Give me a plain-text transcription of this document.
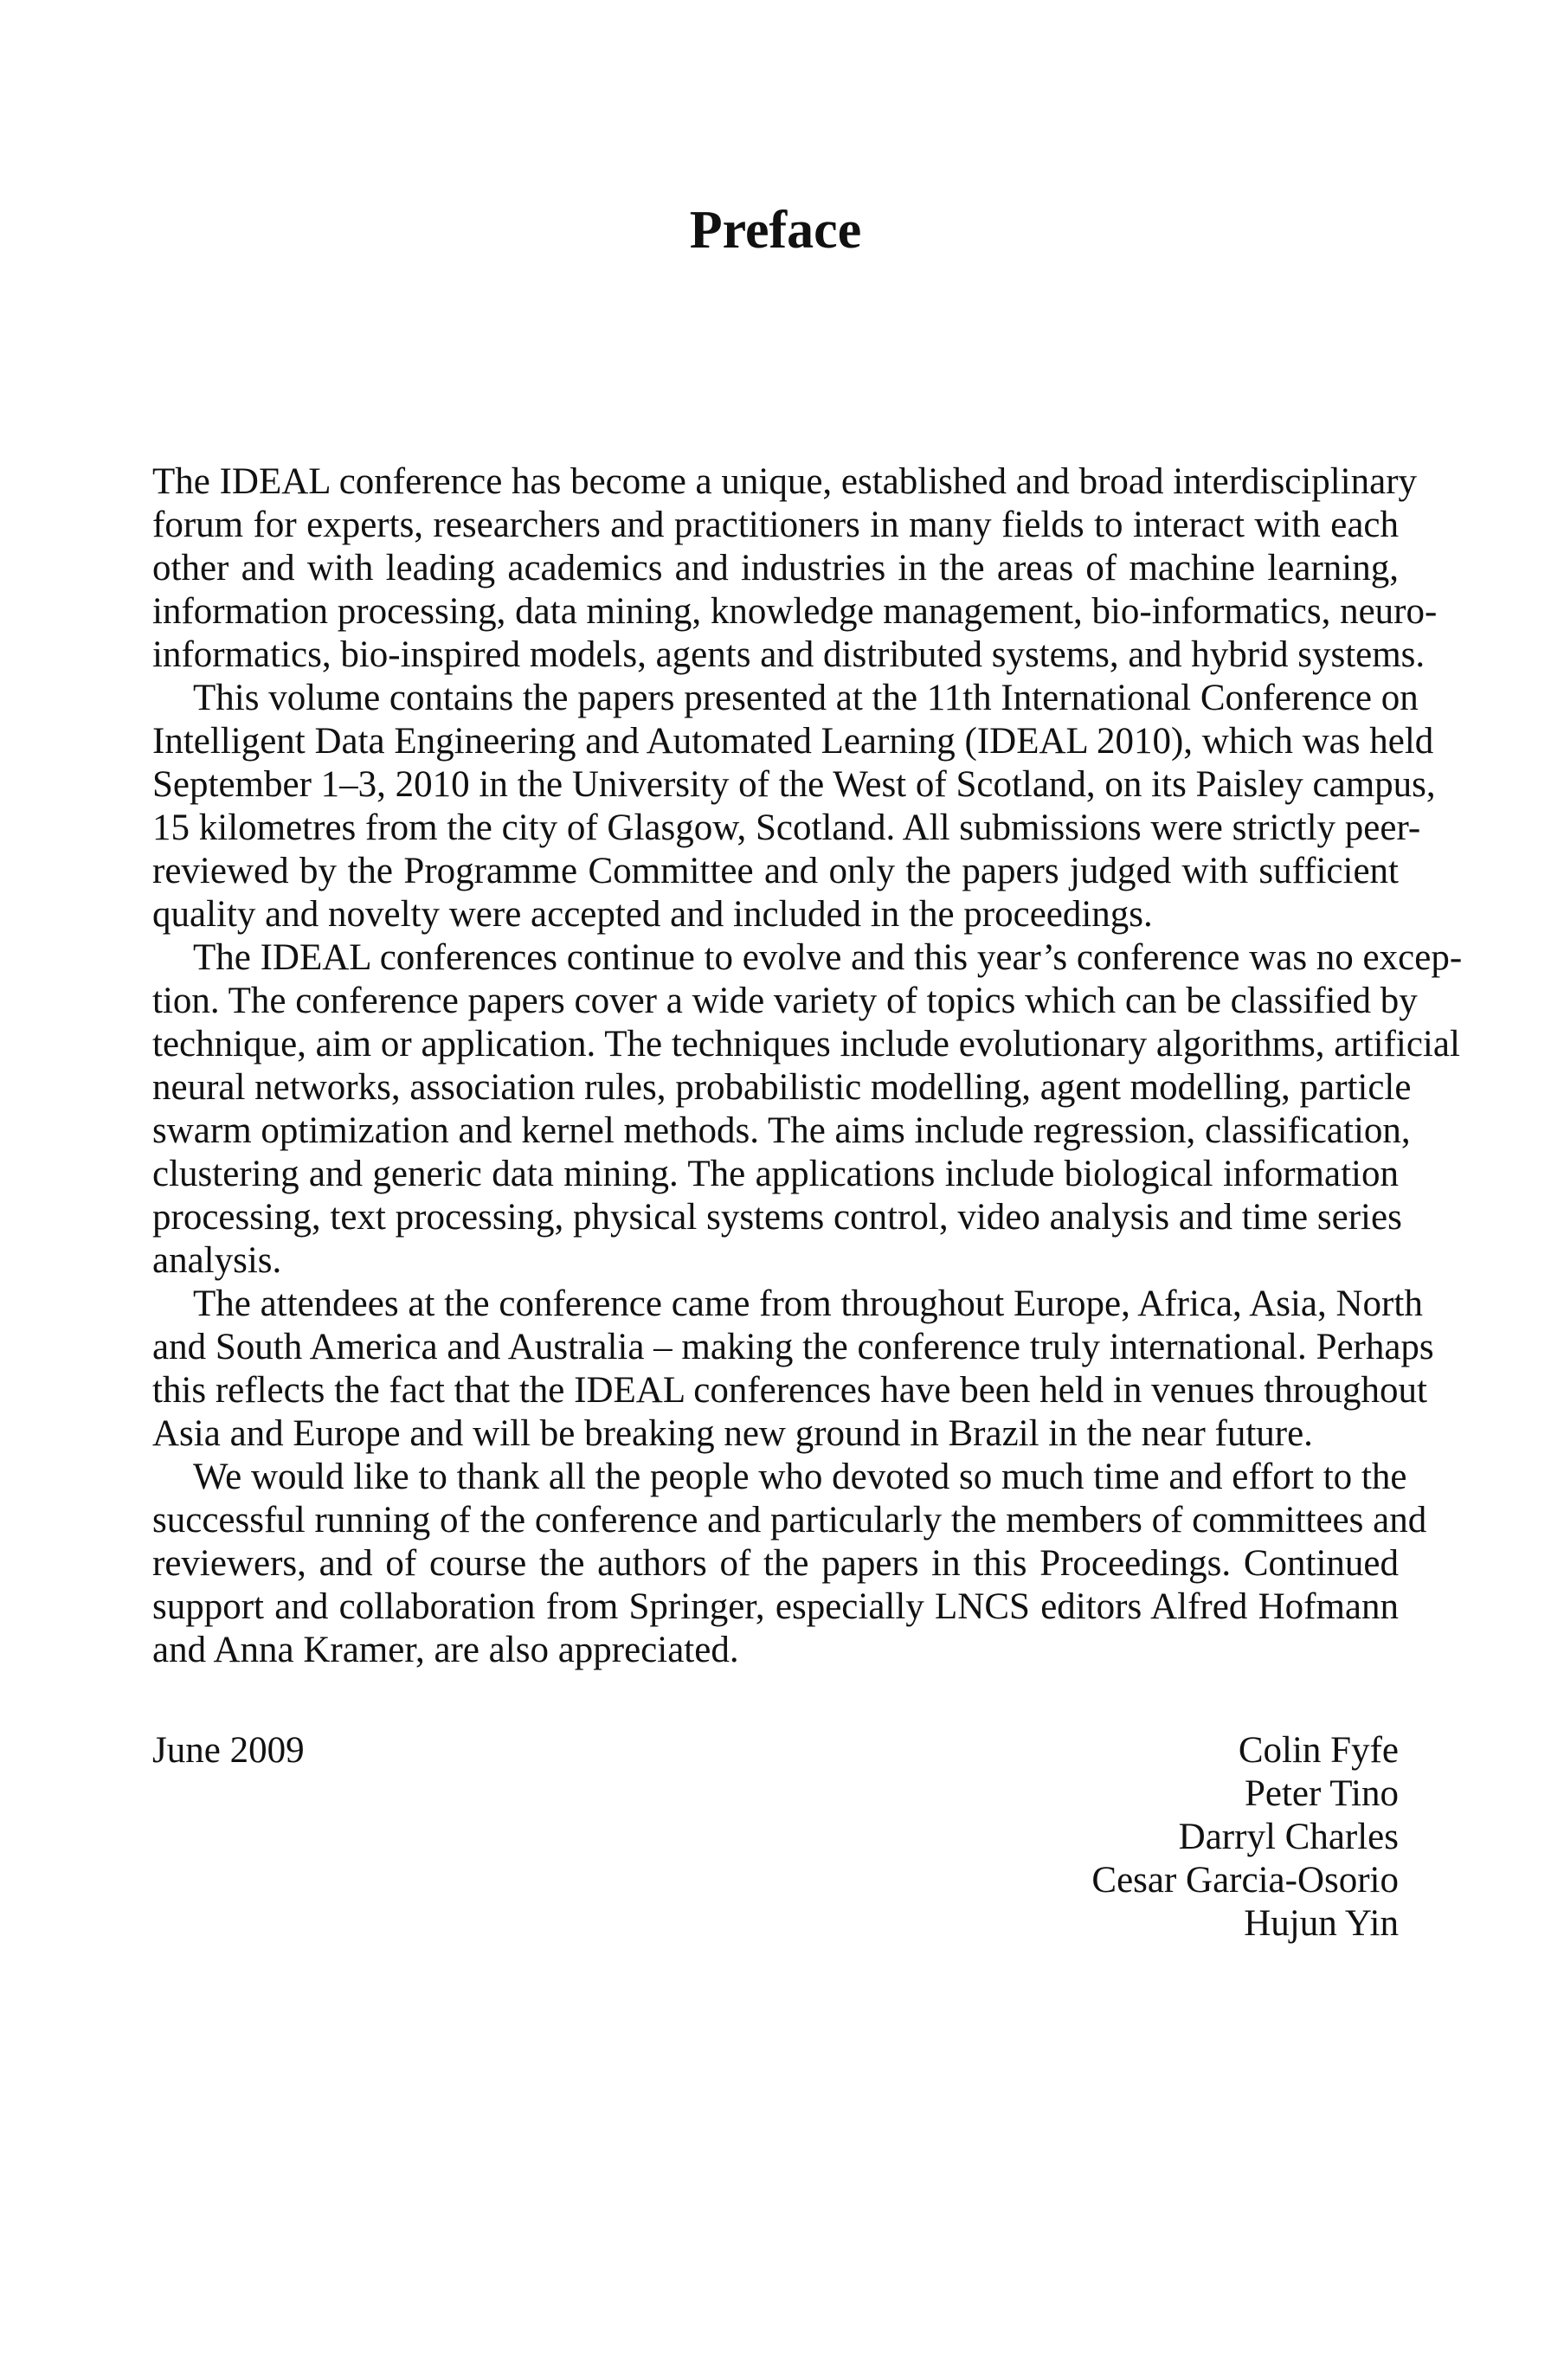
Preface
The IDEAL conference has become a unique, established and broad interdisciplinary
forum for experts, researchers and practitioners in many fields to interact with each
other and with leading academics and industries in the areas of machine learning,
information processing, data mining, knowledge management, bio-informatics, neuro-
informatics, bio-inspired models, agents and distributed systems, and hybrid systems.
This volume contains the papers presented at the 11th International Conference on
Intelligent Data Engineering and Automated Learning (IDEAL 2010), which was held
September 1–3, 2010 in the University of the West of Scotland, on its Paisley campus,
15 kilometres from the city of Glasgow, Scotland. All submissions were strictly peer-
reviewed by the Programme Committee and only the papers judged with sufficient
quality and novelty were accepted and included in the proceedings.
The IDEAL conferences continue to evolve and this year’s conference was no excep-
tion. The conference papers cover a wide variety of topics which can be classified by
technique, aim or application. The techniques include evolutionary algorithms, artificial
neural networks, association rules, probabilistic modelling, agent modelling, particle
swarm optimization and kernel methods. The aims include regression, classification,
clustering and generic data mining. The applications include biological information
processing, text processing, physical systems control, video analysis and time series
analysis.
The attendees at the conference came from throughout Europe, Africa, Asia, North
and South America and Australia – making the conference truly international. Perhaps
this reflects the fact that the IDEAL conferences have been held in venues throughout
Asia and Europe and will be breaking new ground in Brazil in the near future.
We would like to thank all the people who devoted so much time and effort to the
successful running of the conference and particularly the members of committees and
reviewers, and of course the authors of the papers in this Proceedings. Continued
support and collaboration from Springer, especially LNCS editors Alfred Hofmann
and Anna Kramer, are also appreciated.
June 2009	Colin Fyfe
Peter Tino
Darryl Charles
Cesar Garcia-Osorio
Hujun Yin
